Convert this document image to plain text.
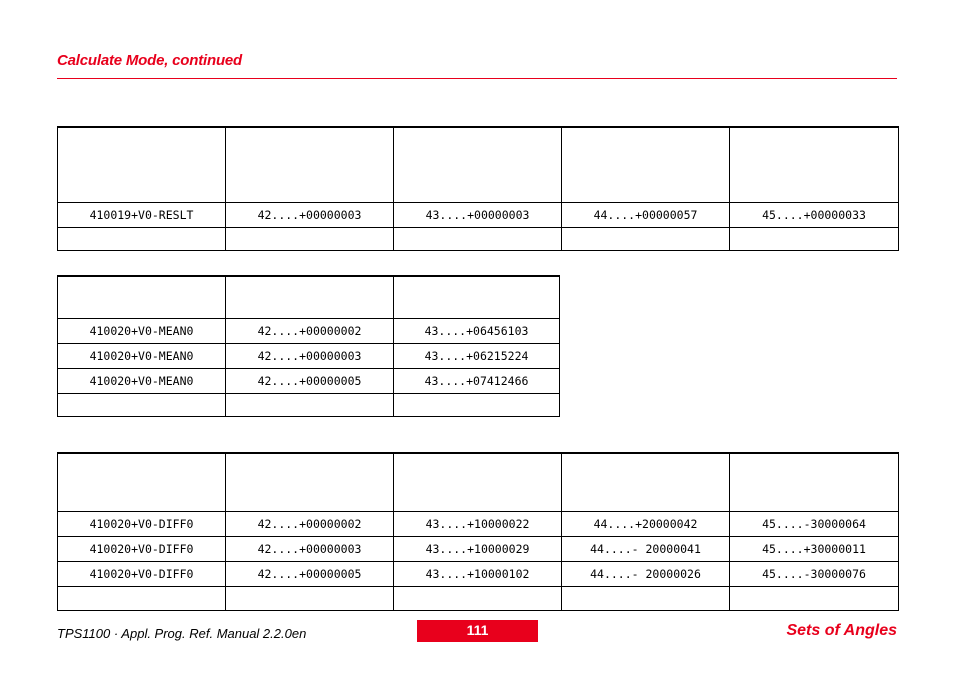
Calculate Mode, continued

410019+V0-RESLT	42....+00000003	43....+00000003	44....+00000057	45....+00000033

410020+V0-MEAN0	42....+00000002	43....+06456103
410020+V0-MEAN0	42....+00000003	43....+06215224
410020+V0-MEAN0	42....+00000005	43....+07412466

410020+V0-DIFF0	42....+00000002	43....+10000022	44....+20000042	45....-30000064
410020+V0-DIFF0	42....+00000003	43....+10000029	44....- 20000041	45....+30000011
410020+V0-DIFF0	42....+00000005	43....+10000102	44....- 20000026	45....-30000076

TPS1100 · Appl. Prog. Ref. Manual 2.2.0en	111	Sets of Angles
